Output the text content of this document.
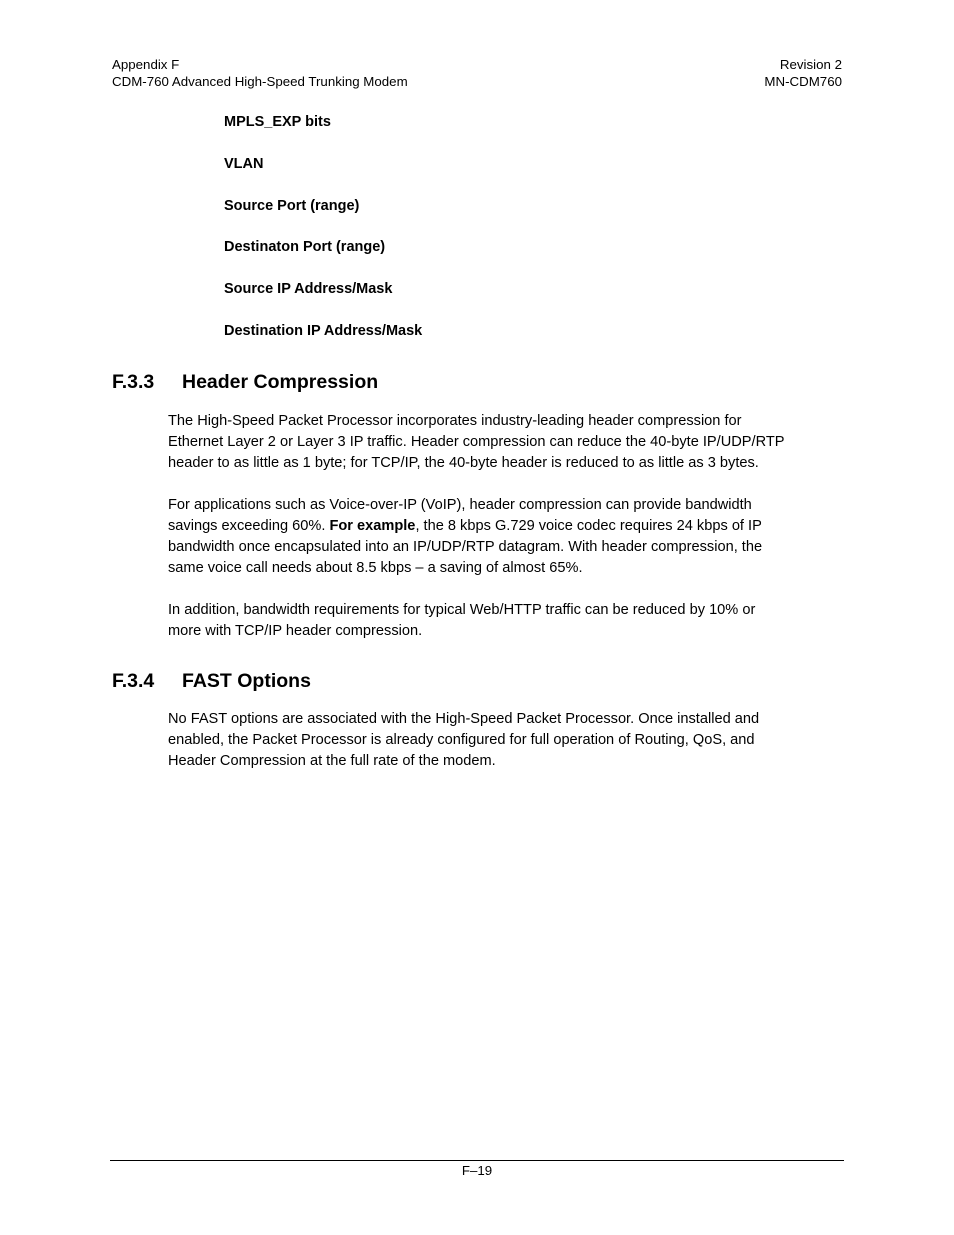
Appendix F
CDM-760 Advanced High-Speed Trunking Modem
Revision 2
MN-CDM760
MPLS_EXP bits
VLAN
Source Port (range)
Destinaton Port (range)
Source IP Address/Mask
Destination IP Address/Mask
F.3.3 Header Compression

The High-Speed Packet Processor incorporates industry-leading header compression for
Ethernet Layer 2 or Layer 3 IP traffic. Header compression can reduce the 40-byte IP/UDP/RTP
header to as little as 1 byte; for TCP/IP, the 40-byte header is reduced to as little as 3 bytes.

For applications such as Voice-over-IP (VoIP), header compression can provide bandwidth
savings exceeding 60%. For example, the 8 kbps G.729 voice codec requires 24 kbps of IP
bandwidth once encapsulated into an IP/UDP/RTP datagram. With header compression, the
same voice call needs about 8.5 kbps – a saving of almost 65%.

In addition, bandwidth requirements for typical Web/HTTP traffic can be reduced by 10% or
more with TCP/IP header compression.

F.3.4 FAST Options

No FAST options are associated with the High-Speed Packet Processor. Once installed and
enabled, the Packet Processor is already configured for full operation of Routing, QoS, and
Header Compression at the full rate of the modem.

F–19
